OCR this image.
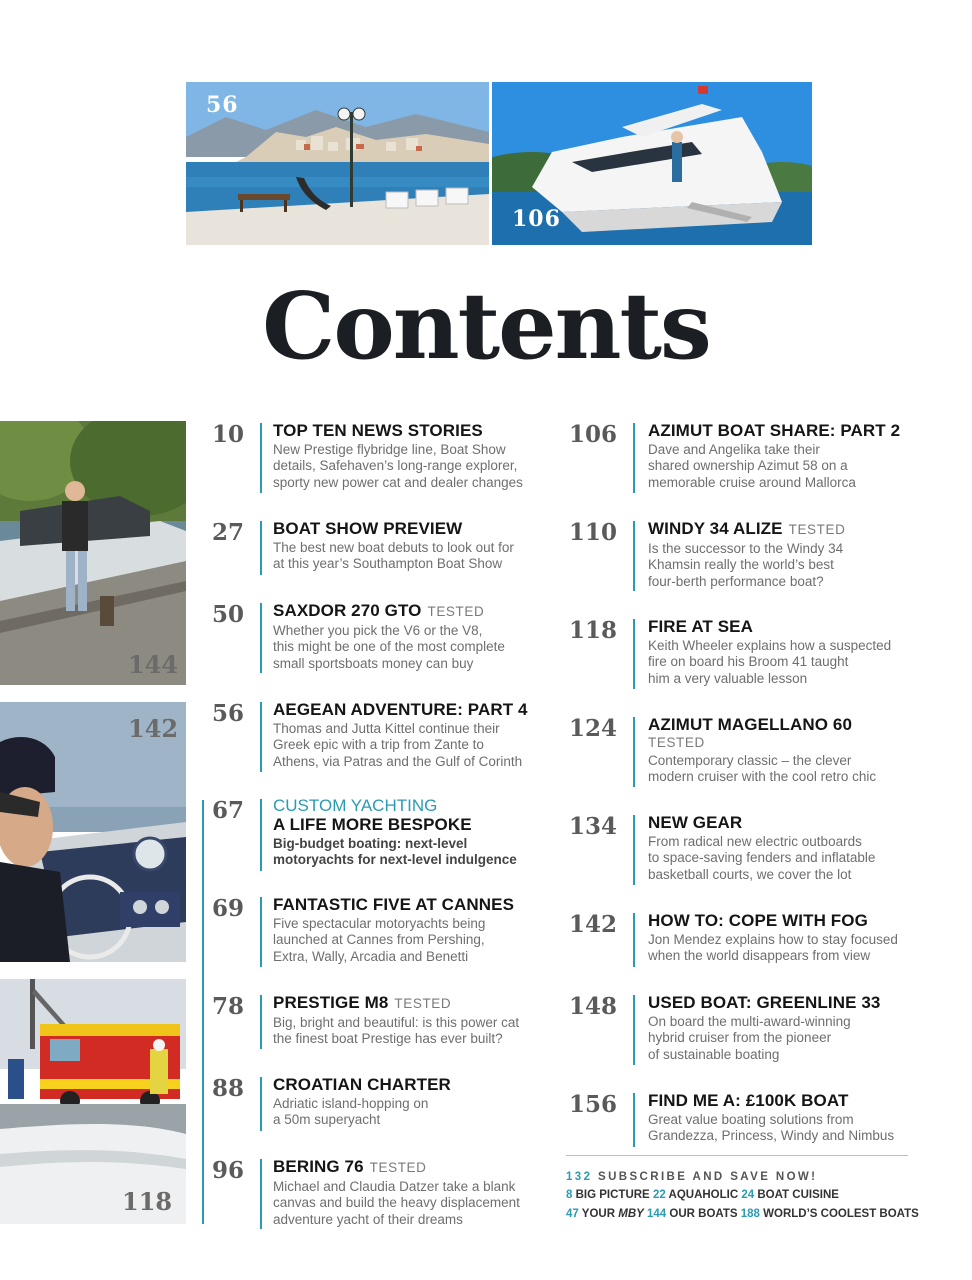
56
106
Contents
144
142
118
10	TOP TEN NEWS STORIES
New Prestige flybridge line, Boat Show
details, Safehaven’s long-range explorer,
sporty new power cat and dealer changes
27	BOAT SHOW PREVIEW
The best new boat debuts to look out for
at this year’s Southampton Boat Show
50	SAXDOR 270 GTO TESTED
Whether you pick the V6 or the V8,
this might be one of the most complete
small sportsboats money can buy
56	AEGEAN ADVENTURE: PART 4
Thomas and Jutta Kittel continue their
Greek epic with a trip from Zante to
Athens, via Patras and the Gulf of Corinth
67	CUSTOM YACHTING
A LIFE MORE BESPOKE
Big-budget boating: next-level
motoryachts for next-level indulgence
69	FANTASTIC FIVE AT CANNES
Five spectacular motoryachts being
launched at Cannes from Pershing,
Extra, Wally, Arcadia and Benetti
78	PRESTIGE M8 TESTED
Big, bright and beautiful: is this power cat
the finest boat Prestige has ever built?
88	CROATIAN CHARTER
Adriatic island-hopping on
a 50m superyacht
96	BERING 76 TESTED
Michael and Claudia Datzer take a blank
canvas and build the heavy displacement
adventure yacht of their dreams
106	AZIMUT BOAT SHARE: PART 2
Dave and Angelika take their
shared ownership Azimut 58 on a
memorable cruise around Mallorca
110	WINDY 34 ALIZE TESTED
Is the successor to the Windy 34
Khamsin really the world’s best
four-berth performance boat?
118	FIRE AT SEA
Keith Wheeler explains how a suspected
fire on board his Broom 41 taught
him a very valuable lesson
124	AZIMUT MAGELLANO 60
TESTED
Contemporary classic – the clever
modern cruiser with the cool retro chic
134	NEW GEAR
From radical new electric outboards
to space-saving fenders and inflatable
basketball courts, we cover the lot
142	HOW TO: COPE WITH FOG
Jon Mendez explains how to stay focused
when the world disappears from view
148	USED BOAT: GREENLINE 33
On board the multi-award-winning
hybrid cruiser from the pioneer
of sustainable boating
156	FIND ME A: £100K BOAT
Great value boating solutions from
Grandezza, Princess, Windy and Nimbus
132 SUBSCRIBE AND SAVE NOW!
8 BIG PICTURE 22 AQUAHOLIC 24 BOAT CUISINE
47 YOUR MBY 144 OUR BOATS 188 WORLD’S COOLEST BOATS
